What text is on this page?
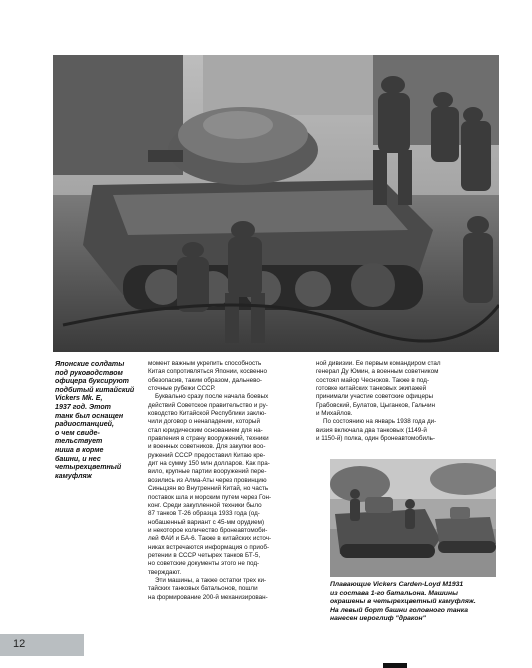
Японские солдаты
под руководством
офицера буксируют
подбитый китайский
Vickers Mk. E,
1937 год. Этот
танк был оснащен
радиостанцией,
о чем свиде-
тельствует
ниша в корме
башни, и нес
четырехцветный
камуфляж
момент важным укрепить способность
Китая сопротивляться Японии, косвенно
обезопасив, таким образом, дальнево-
сточные рубежи СССР.
Буквально сразу после начала боевых
действий Советское правительство и ру-
ководство Китайской Республики заклю-
чили договор о ненападении, который
стал юридическим основанием для на-
правления в страну вооружений, техники
и военных советников. Для закупки воо-
ружений СССР предоставил Китаю кре-
дит на сумму 150 млн долларов. Как пра-
вило, крупные партии вооружений пере-
возились из Алма-Аты через провинцию
Синьцзян во Внутренний Китай, но часть
поставок шла и морским путем через Гон-
конг. Среди закупленной техники было
87 танков Т-26 образца 1933 года (од-
нобашенный вариант с 45-мм орудием)
и некоторое количество бронеавтомоби-
лей ФАИ и БА-6. Также в китайских источ-
никах встречаются информация о приоб-
ретении в СССР четырех танков БТ-5,
но советские документы этого не под-
тверждают.
Эти машины, а также остатки трех ки-
тайских танковых батальонов, пошли
на формирование 200-й механизирован-
ной дивизии. Ее первым командиром стал
генерал Ду Юмин, а военным советником
состоял майор Чесноков. Также в под-
готовке китайских танковых экипажей
принимали участие советские офицеры
Грабовский, Булатов, Цыганков, Гальчин
и Михайлов.
По состоянию на январь 1938 года ди-
визия включала два танковых (1149-й
и 1150-й) полка, один бронеавтомобиль-
Плавающие Vickers Carden-Loyd M1931
из состава 1-го батальона. Машины
окрашены в четырехцветный камуфляж.
На левый борт башни головного танка
нанесен иероглиф "дракон"
12
